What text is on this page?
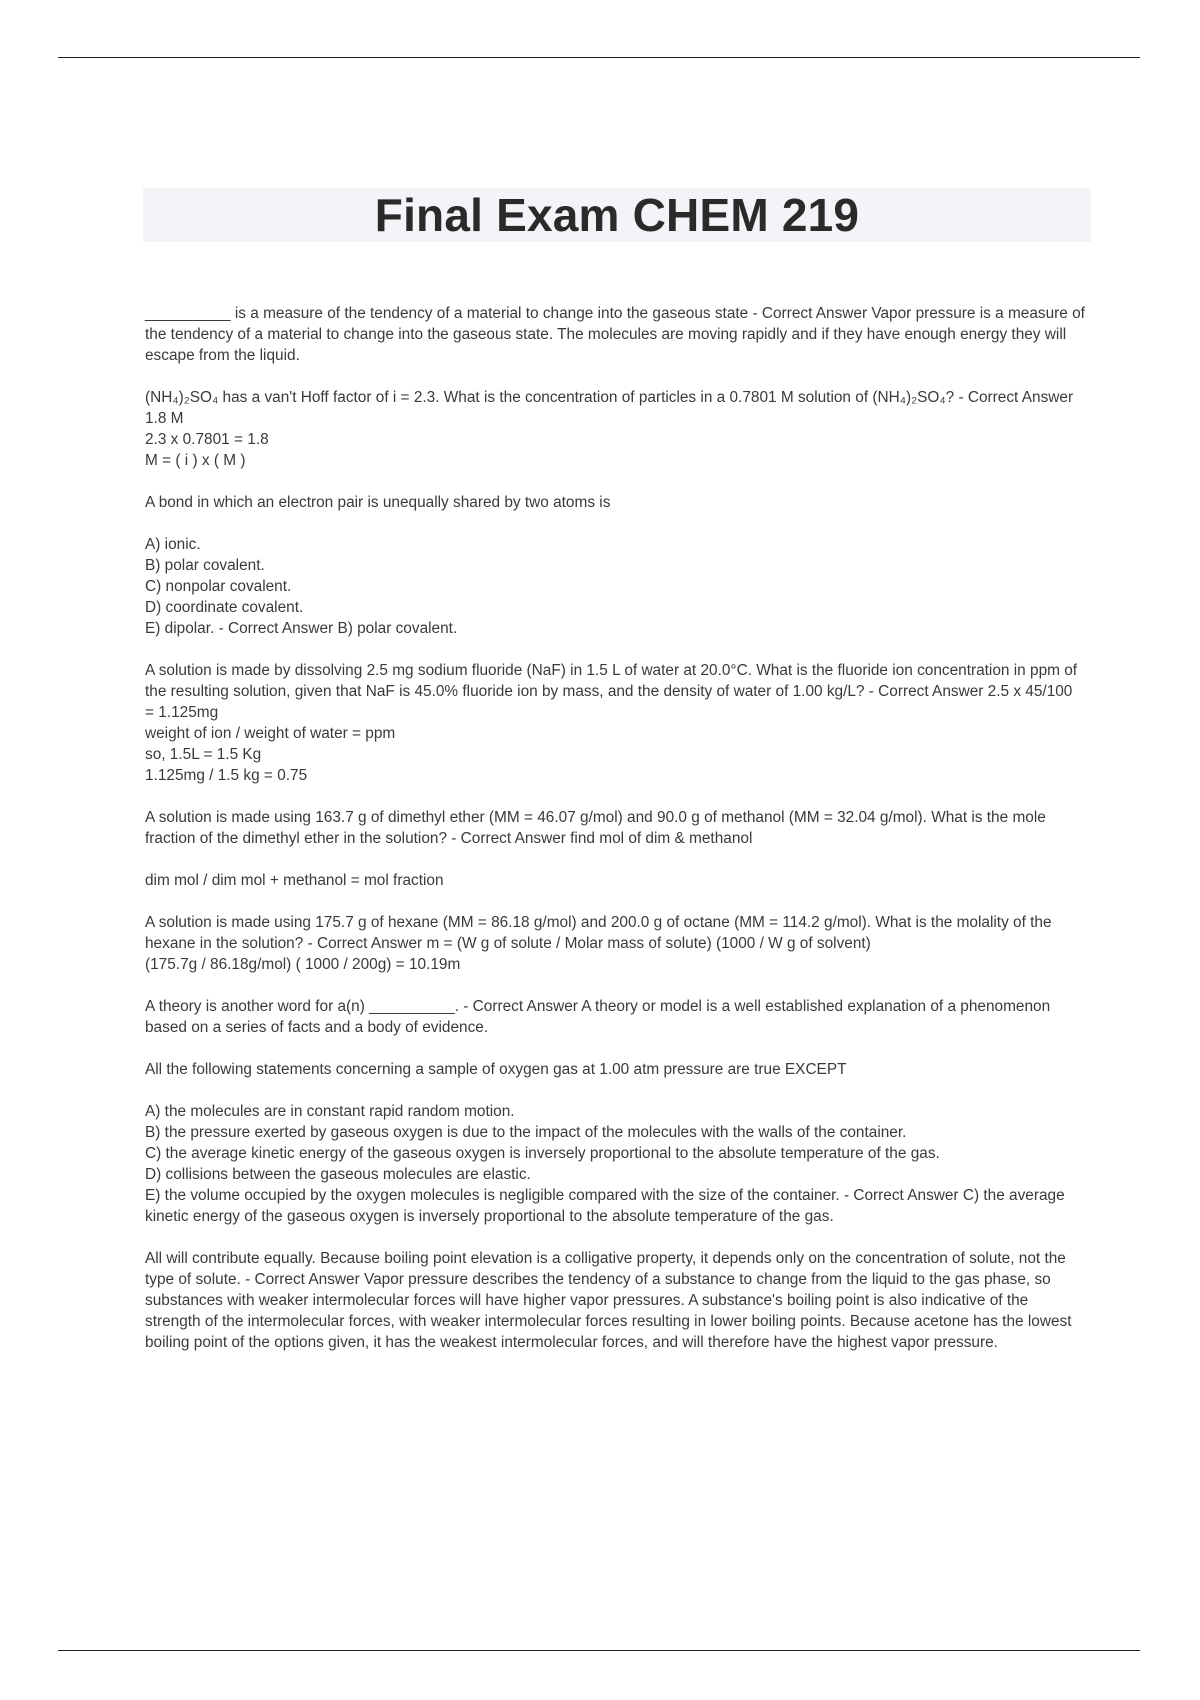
Final Exam CHEM 219
__________ is a measure of the tendency of a material to change into the gaseous state - Correct Answer Vapor pressure is a measure of the tendency of a material to change into the gaseous state. The molecules are moving rapidly and if they have enough energy they will escape from the liquid.
(NH₄)₂SO₄ has a van't Hoff factor of i = 2.3. What is the concentration of particles in a 0.7801 M solution of (NH₄)₂SO₄? - Correct Answer 1.8 M
2.3 x 0.7801 = 1.8
M = ( i ) x ( M )
A bond in which an electron pair is unequally shared by two atoms is
A) ionic.
B) polar covalent.
C) nonpolar covalent.
D) coordinate covalent.
E) dipolar. - Correct Answer B) polar covalent.
A solution is made by dissolving 2.5 mg sodium fluoride (NaF) in 1.5 L of water at 20.0°C. What is the fluoride ion concentration in ppm of the resulting solution, given that NaF is 45.0% fluoride ion by mass, and the density of water of 1.00 kg/L? - Correct Answer 2.5 x 45/100 = 1.125mg
weight of ion / weight of water = ppm
so, 1.5L = 1.5 Kg
1.125mg / 1.5 kg = 0.75
A solution is made using 163.7 g of dimethyl ether (MM = 46.07 g/mol) and 90.0 g of methanol (MM = 32.04 g/mol). What is the mole fraction of the dimethyl ether in the solution? - Correct Answer find mol of dim & methanol
dim mol / dim mol + methanol = mol fraction
A solution is made using 175.7 g of hexane (MM = 86.18 g/mol) and 200.0 g of octane (MM = 114.2 g/mol). What is the molality of the hexane in the solution? - Correct Answer m = (W g of solute / Molar mass of solute) (1000 / W g of solvent)
(175.7g / 86.18g/mol) ( 1000 / 200g) = 10.19m
A theory is another word for a(n) __________. - Correct Answer A theory or model is a well established explanation of a phenomenon based on a series of facts and a body of evidence.
All the following statements concerning a sample of oxygen gas at 1.00 atm pressure are true EXCEPT
A) the molecules are in constant rapid random motion.
B) the pressure exerted by gaseous oxygen is due to the impact of the molecules with the walls of the container.
C) the average kinetic energy of the gaseous oxygen is inversely proportional to the absolute temperature of the gas.
D) collisions between the gaseous molecules are elastic.
E) the volume occupied by the oxygen molecules is negligible compared with the size of the container. - Correct Answer C) the average kinetic energy of the gaseous oxygen is inversely proportional to the absolute temperature of the gas.
All will contribute equally. Because boiling point elevation is a colligative property, it depends only on the concentration of solute, not the type of solute. - Correct Answer Vapor pressure describes the tendency of a substance to change from the liquid to the gas phase, so substances with weaker intermolecular forces will have higher vapor pressures. A substance's boiling point is also indicative of the strength of the intermolecular forces, with weaker intermolecular forces resulting in lower boiling points. Because acetone has the lowest boiling point of the options given, it has the weakest intermolecular forces, and will therefore have the highest vapor pressure.
